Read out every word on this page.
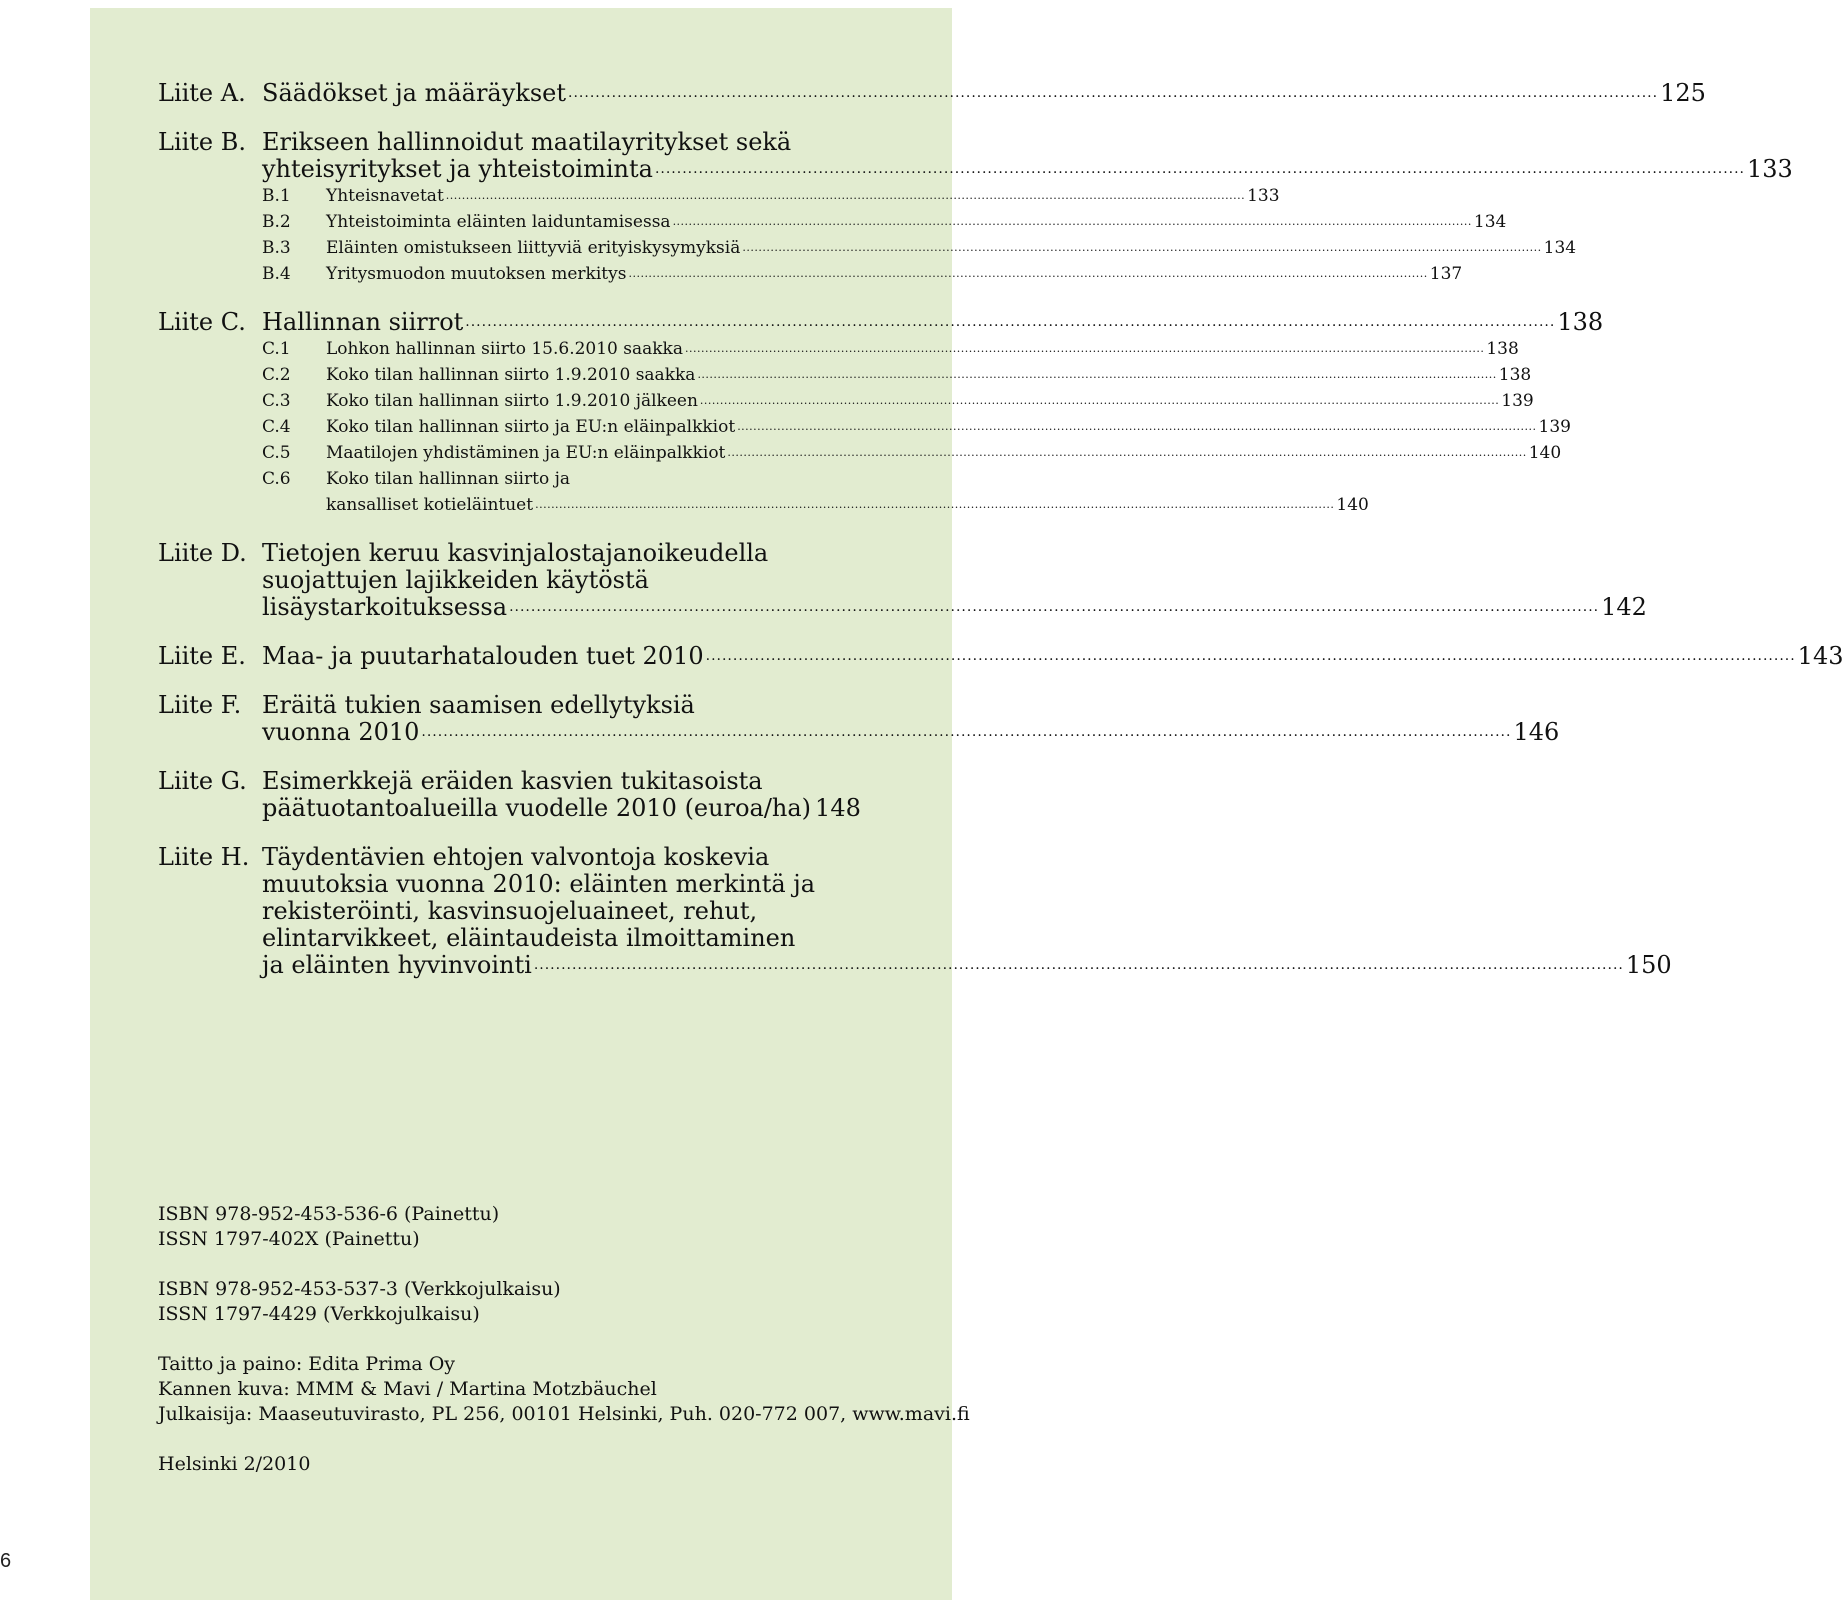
6
Liite A. Säädökset ja määräykset ........................................................................................................................................................................................................ 125
Liite B. Erikseen hallinnoidut maatilayritykset sekä
yhteisyritykset ja yhteistoiminta ........................................................................................................................................................................................................ 133
B.1 Yhteisnavetat ........................................................................................................................................................................................................ 133
B.2 Yhteistoiminta eläinten laiduntamisessa ........................................................................................................................................................................................................ 134
B.3 Eläinten omistukseen liittyviä erityiskysymyksiä ........................................................................................................................................................................................................ 134
B.4 Yritysmuodon muutoksen merkitys ........................................................................................................................................................................................................ 137
Liite C. Hallinnan siirrot ........................................................................................................................................................................................................ 138
C.1 Lohkon hallinnan siirto 15.6.2010 saakka ........................................................................................................................................................................................................ 138
C.2 Koko tilan hallinnan siirto 1.9.2010 saakka ........................................................................................................................................................................................................ 138
C.3 Koko tilan hallinnan siirto 1.9.2010 jälkeen ........................................................................................................................................................................................................ 139
C.4 Koko tilan hallinnan siirto ja EU:n eläinpalkkiot ........................................................................................................................................................................................................ 139
C.5 Maatilojen yhdistäminen ja EU:n eläinpalkkiot ........................................................................................................................................................................................................ 140
C.6 Koko tilan hallinnan siirto ja
kansalliset kotieläintuet ........................................................................................................................................................................................................ 140
Liite D. Tietojen keruu kasvinjalostajanoikeudella
suojattujen lajikkeiden käytöstä
lisäystarkoituksessa ........................................................................................................................................................................................................ 142
Liite E. Maa- ja puutarhatalouden tuet 2010 ........................................................................................................................................................................................................ 143
Liite F. Eräitä tukien saamisen edellytyksiä
vuonna 2010 ........................................................................................................................................................................................................ 146
Liite G. Esimerkkejä eräiden kasvien tukitasoista
päätuotantoalueilla vuodelle 2010 (euroa/ha) 148
Liite H. Täydentävien ehtojen valvontoja koskevia
muutoksia vuonna 2010: eläinten merkintä ja
rekisteröinti, kasvinsuojeluaineet, rehut,
elintarvikkeet, eläintaudeista ilmoittaminen
ja eläinten hyvinvointi ........................................................................................................................................................................................................ 150
ISBN 978-952-453-536-6 (Painettu)
ISSN 1797-402X (Painettu)
ISBN 978-952-453-537-3 (Verkkojulkaisu)
ISSN 1797-4429 (Verkkojulkaisu)
Taitto ja paino: Edita Prima Oy
Kannen kuva: MMM & Mavi / Martina Motzbäuchel
Julkaisija: Maaseutuvirasto, PL 256, 00101 Helsinki, Puh. 020-772 007, www.mavi.fi
Helsinki 2/2010
